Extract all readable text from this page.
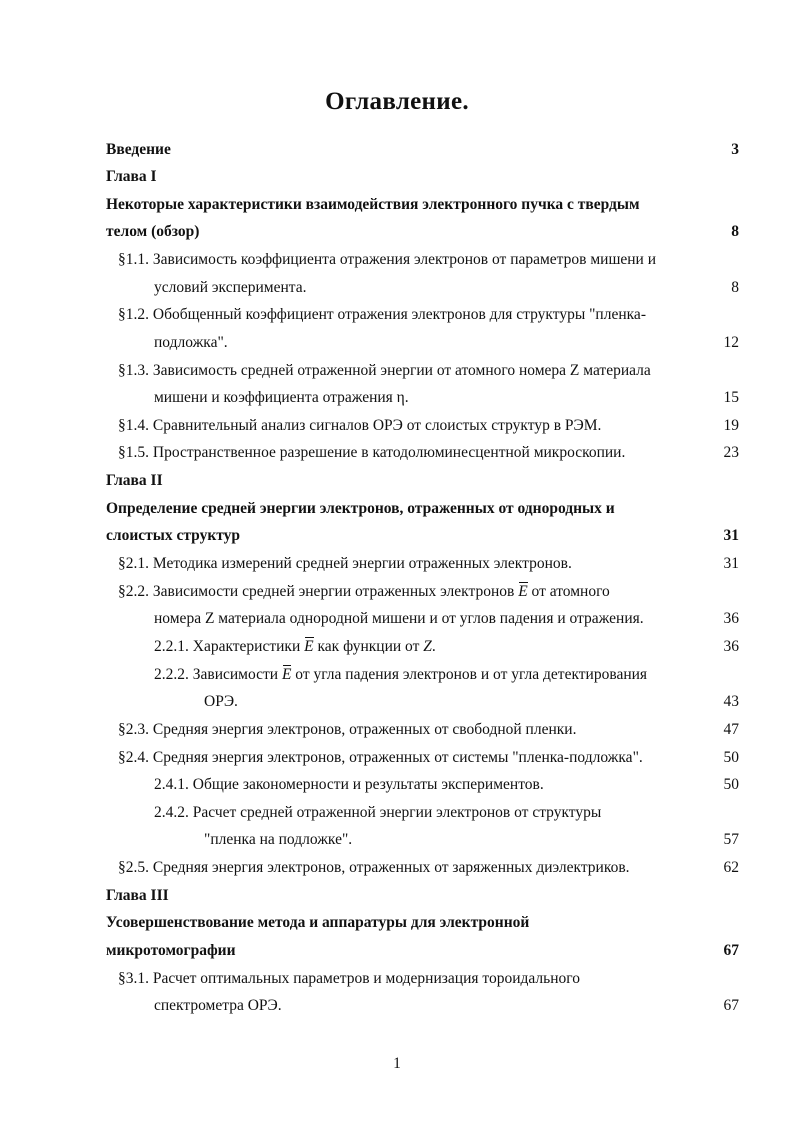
Оглавление.
Введение	3
Глава I
Некоторые характеристики взаимодействия электронного пучка с твердым
телом (обзор)	8
§1.1. Зависимость коэффициента отражения электронов от параметров мишени и
условий эксперимента.	8
§1.2. Обобщенный коэффициент отражения электронов для структуры "пленка-
подложка".	12
§1.3. Зависимость средней отраженной энергии от атомного номера Z материала
мишени и коэффициента отражения η.	15
§1.4. Сравнительный анализ сигналов ОРЭ от слоистых структур в РЭМ.	19
§1.5. Пространственное разрешение в катодолюминесцентной микроскопии.	23
Глава II
Определение средней энергии электронов, отраженных от однородных и
слоистых структур	31
§2.1. Методика измерений средней энергии отраженных электронов.	31
§2.2. Зависимости средней энергии отраженных электронов E от атомного
номера Z материала однородной мишени и от углов падения и отражения.	36
2.2.1. Характеристики E как функции от Z.	36
2.2.2. Зависимости E от угла падения электронов и от угла детектирования
ОРЭ.	43
§2.3. Средняя энергия электронов, отраженных от свободной пленки.	47
§2.4. Средняя энергия электронов, отраженных от системы "пленка-подложка".	50
2.4.1. Общие закономерности и результаты экспериментов.	50
2.4.2. Расчет средней отраженной энергии электронов от структуры
"пленка на подложке".	57
§2.5. Средняя энергия электронов, отраженных от заряженных диэлектриков.	62
Глава III
Усовершенствование метода и аппаратуры для электронной
микротомографии	67
§3.1. Расчет оптимальных параметров и модернизация тороидального
спектрометра ОРЭ.	67
1
